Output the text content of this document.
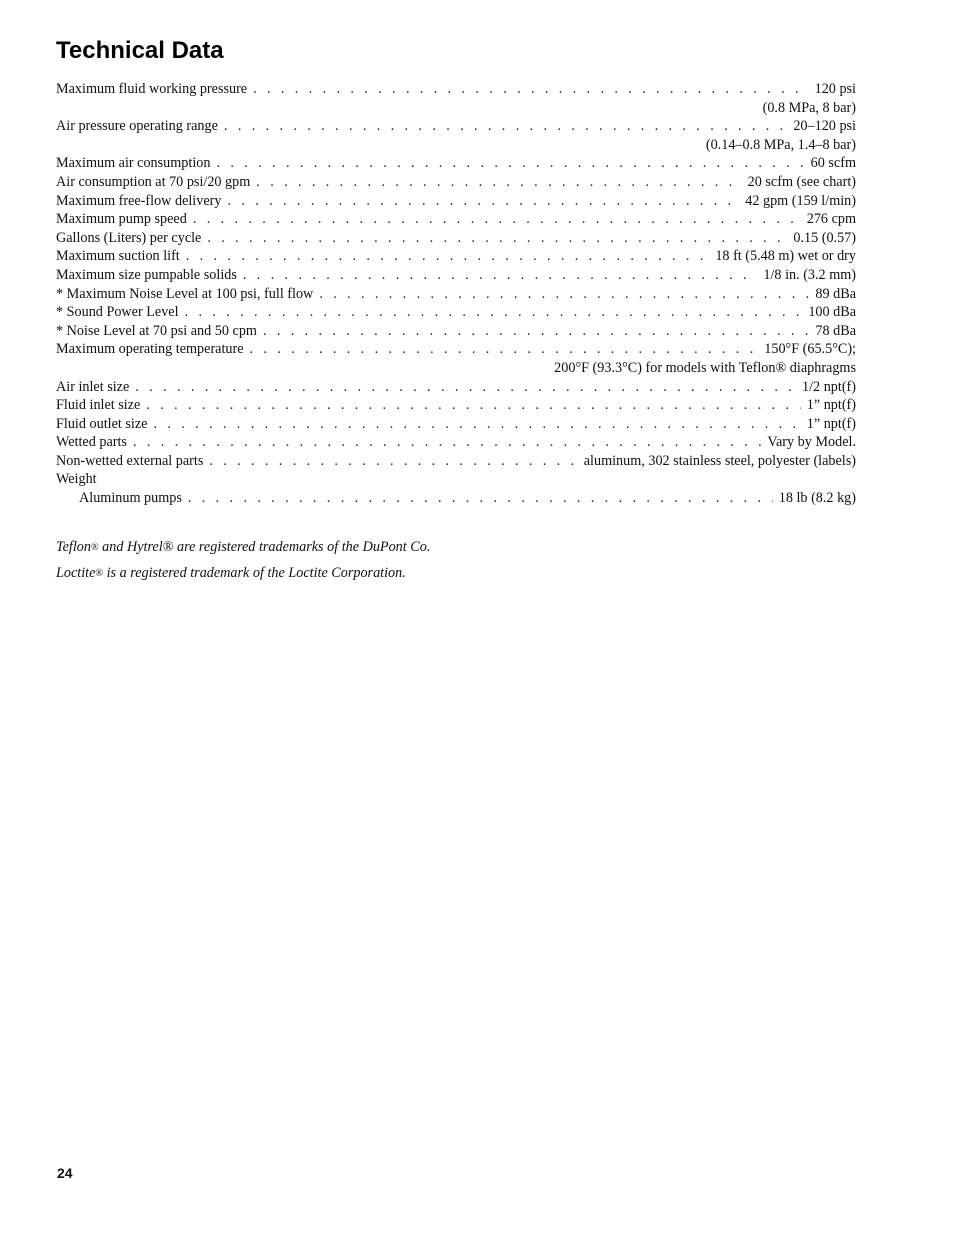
Technical Data
Maximum fluid working pressure . . .	120 psi
(0.8 MPa, 8 bar)
Air pressure operating range . . .	20–120 psi
(0.14–0.8 MPa, 1.4–8 bar)
Maximum air consumption . . .	60 scfm
Air consumption at 70 psi/20 gpm . . .	20 scfm (see chart)
Maximum free-flow delivery . . .	42 gpm (159 l/min)
Maximum pump speed . . .	276 cpm
Gallons (Liters) per cycle . . .	0.15 (0.57)
Maximum suction lift . . .	18 ft (5.48 m) wet or dry
Maximum size pumpable solids . . .	1/8 in. (3.2 mm)
* Maximum Noise Level at 100 psi, full flow . . .	89 dBa
* Sound Power Level . . .	100 dBa
* Noise Level at 70 psi and 50 cpm . . .	78 dBa
Maximum operating temperature . . .	150°F (65.5°C);
200°F (93.3°C) for models with Teflon® diaphragms
Air inlet size . . .	1/2 npt(f)
Fluid inlet size . . .	1” npt(f)
Fluid outlet size . . .	1” npt(f)
Wetted parts . . .	Vary by Model.
Non-wetted external parts . . .	aluminum, 302 stainless steel, polyester (labels)
Weight
Aluminum pumps . . .	18 lb (8.2 kg)

Teflon® and Hytrel® are registered trademarks of the DuPont Co.

Loctite® is a registered trademark of the Loctite Corporation.

24
